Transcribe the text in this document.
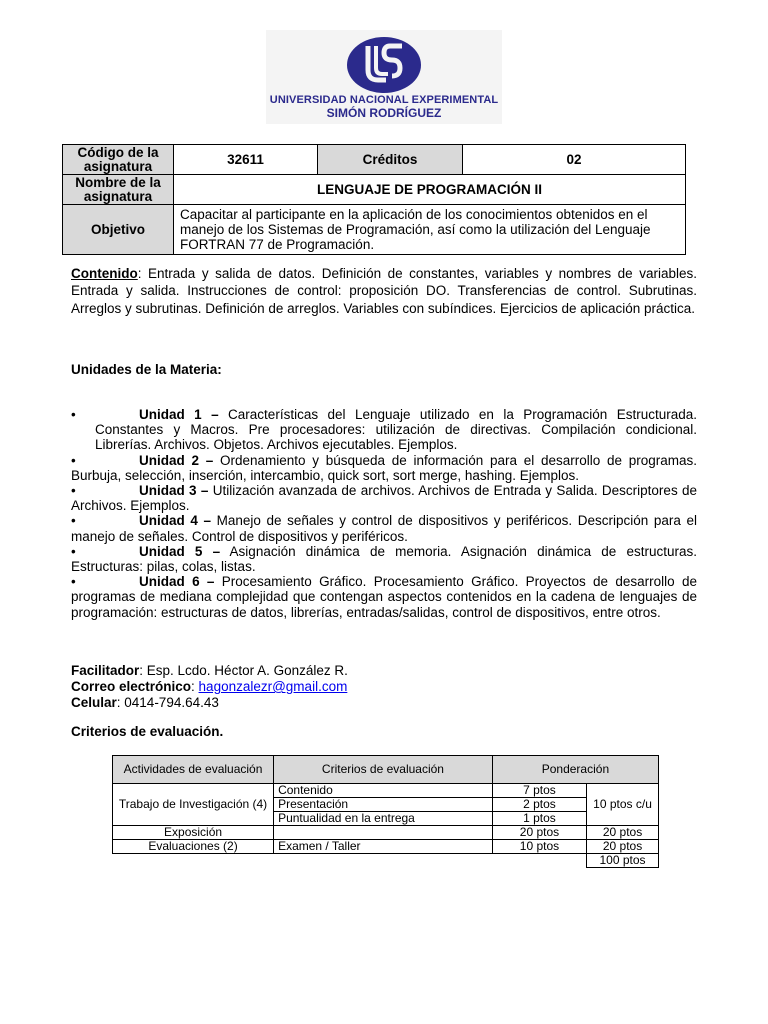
UNIVERSIDAD NACIONAL EXPERIMENTAL
SIMÓN RODRÍGUEZ
Código de la asignatura	32611	Créditos	02
Nombre de la asignatura	LENGUAJE DE PROGRAMACIÓN II		
Objetivo	Capacitar al participante en la aplicación de los conocimientos obtenidos en el manejo de los Sistemas de Programación, así como la utilización del Lenguaje FORTRAN 77 de Programación.		
Contenido: Entrada y salida de datos. Definición de constantes, variables y nombres de variables. Entrada y salida. Instrucciones de control: proposición DO. Transferencias de control. Subrutinas. Arreglos y subrutinas. Definición de arreglos. Variables con subíndices. Ejercicios de aplicación práctica.
Unidades de la Materia:
•	Unidad 1 – Características del Lenguaje utilizado en la Programación Estructurada. Constantes y Macros. Pre procesadores: utilización de directivas. Compilación condicional. Librerías. Archivos. Objetos. Archivos ejecutables. Ejemplos.
•	Unidad 2 – Ordenamiento y búsqueda de información para el desarrollo de programas. Burbuja, selección, inserción, intercambio, quick sort, sort merge, hashing. Ejemplos.
•	Unidad 3 – Utilización avanzada de archivos. Archivos de Entrada y Salida. Descriptores de Archivos. Ejemplos.
•	Unidad 4 – Manejo de señales y control de dispositivos y periféricos. Descripción para el manejo de señales. Control de dispositivos y periféricos.
•	Unidad 5 – Asignación dinámica de memoria. Asignación dinámica de estructuras. Estructuras: pilas, colas, listas.
•	Unidad 6 – Procesamiento Gráfico. Procesamiento Gráfico. Proyectos de desarrollo de programas de mediana complejidad que contengan aspectos contenidos en la cadena de lenguajes de programación: estructuras de datos, librerías, entradas/salidas, control de dispositivos, entre otros.
Facilitador: Esp. Lcdo. Héctor A. González R.
Correo electrónico: hagonzalezr@gmail.com
Celular: 0414-794.64.43
Criterios de evaluación.
Actividades de evaluación	Criterios de evaluación	Ponderación	
Trabajo de Investigación (4)	Contenido	7 ptos	10 ptos c/u
	Presentación	2 ptos	
	Puntualidad en la entrega	1 ptos	
Exposición		20 ptos	20 ptos
Evaluaciones (2)	Examen / Taller	10 ptos	20 ptos
			100 ptos
